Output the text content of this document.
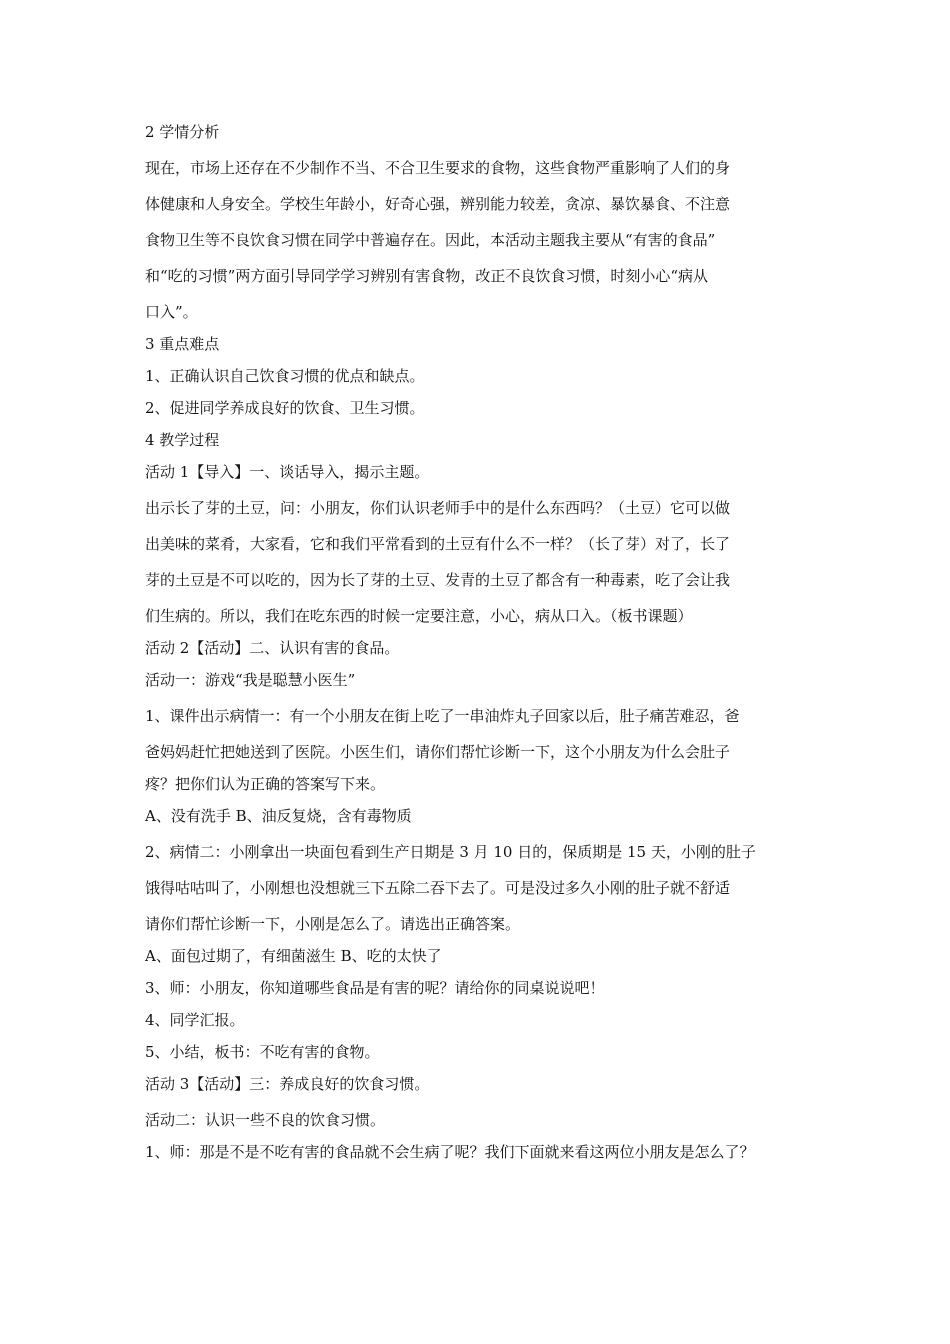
2 学情分析

现在，市场上还存在不少制作不当、不合卫生要求的食物，这些食物严重影响了人们的身

体健康和人身安全。学校生年龄小，好奇心强，辨别能力较差，贪凉、暴饮暴食、不注意

食物卫生等不良饮食习惯在同学中普遍存在。因此，本活动主题我主要从“有害的食品”

和“吃的习惯”两方面引导同学学习辨别有害食物，改正不良饮食习惯，时刻小心“病从

口入”。

3 重点难点

1、正确认识自己饮食习惯的优点和缺点。

2、促进同学养成良好的饮食、卫生习惯。

4 教学过程

活动 1【导入】一、谈话导入，揭示主题。

出示长了芽的土豆，问：小朋友，你们认识老师手中的是什么东西吗？（土豆）它可以做

出美味的菜肴，大家看，它和我们平常看到的土豆有什么不一样？（长了芽）对了，长了

芽的土豆是不可以吃的，因为长了芽的土豆、发青的土豆了都含有一种毒素，吃了会让我

们生病的。所以，我们在吃东西的时候一定要注意，小心，病从口入。（板书课题）

活动 2【活动】二、认识有害的食品。

活动一：游戏“我是聪慧小医生”

1、课件出示病情一：有一个小朋友在街上吃了一串油炸丸子回家以后，肚子痛苦难忍，爸

爸妈妈赶忙把她送到了医院。小医生们，请你们帮忙诊断一下，这个小朋友为什么会肚子

疼？把你们认为正确的答案写下来。

A、没有洗手 B、油反复烧，含有毒物质

2、病情二：小刚拿出一块面包看到生产日期是 3 月 10 日的，保质期是 15 天，小刚的肚子

饿得咕咕叫了，小刚想也没想就三下五除二吞下去了。可是没过多久小刚的肚子就不舒适

请你们帮忙诊断一下，小刚是怎么了。请选出正确答案。

A、面包过期了，有细菌滋生 B、吃的太快了

3、师：小朋友，你知道哪些食品是有害的呢？请给你的同桌说说吧！

4、同学汇报。

5、小结，板书：不吃有害的食物。

活动 3【活动】三：养成良好的饮食习惯。

活动二：认识一些不良的饮食习惯。

1、师：那是不是不吃有害的食品就不会生病了呢？我们下面就来看这两位小朋友是怎么了？
